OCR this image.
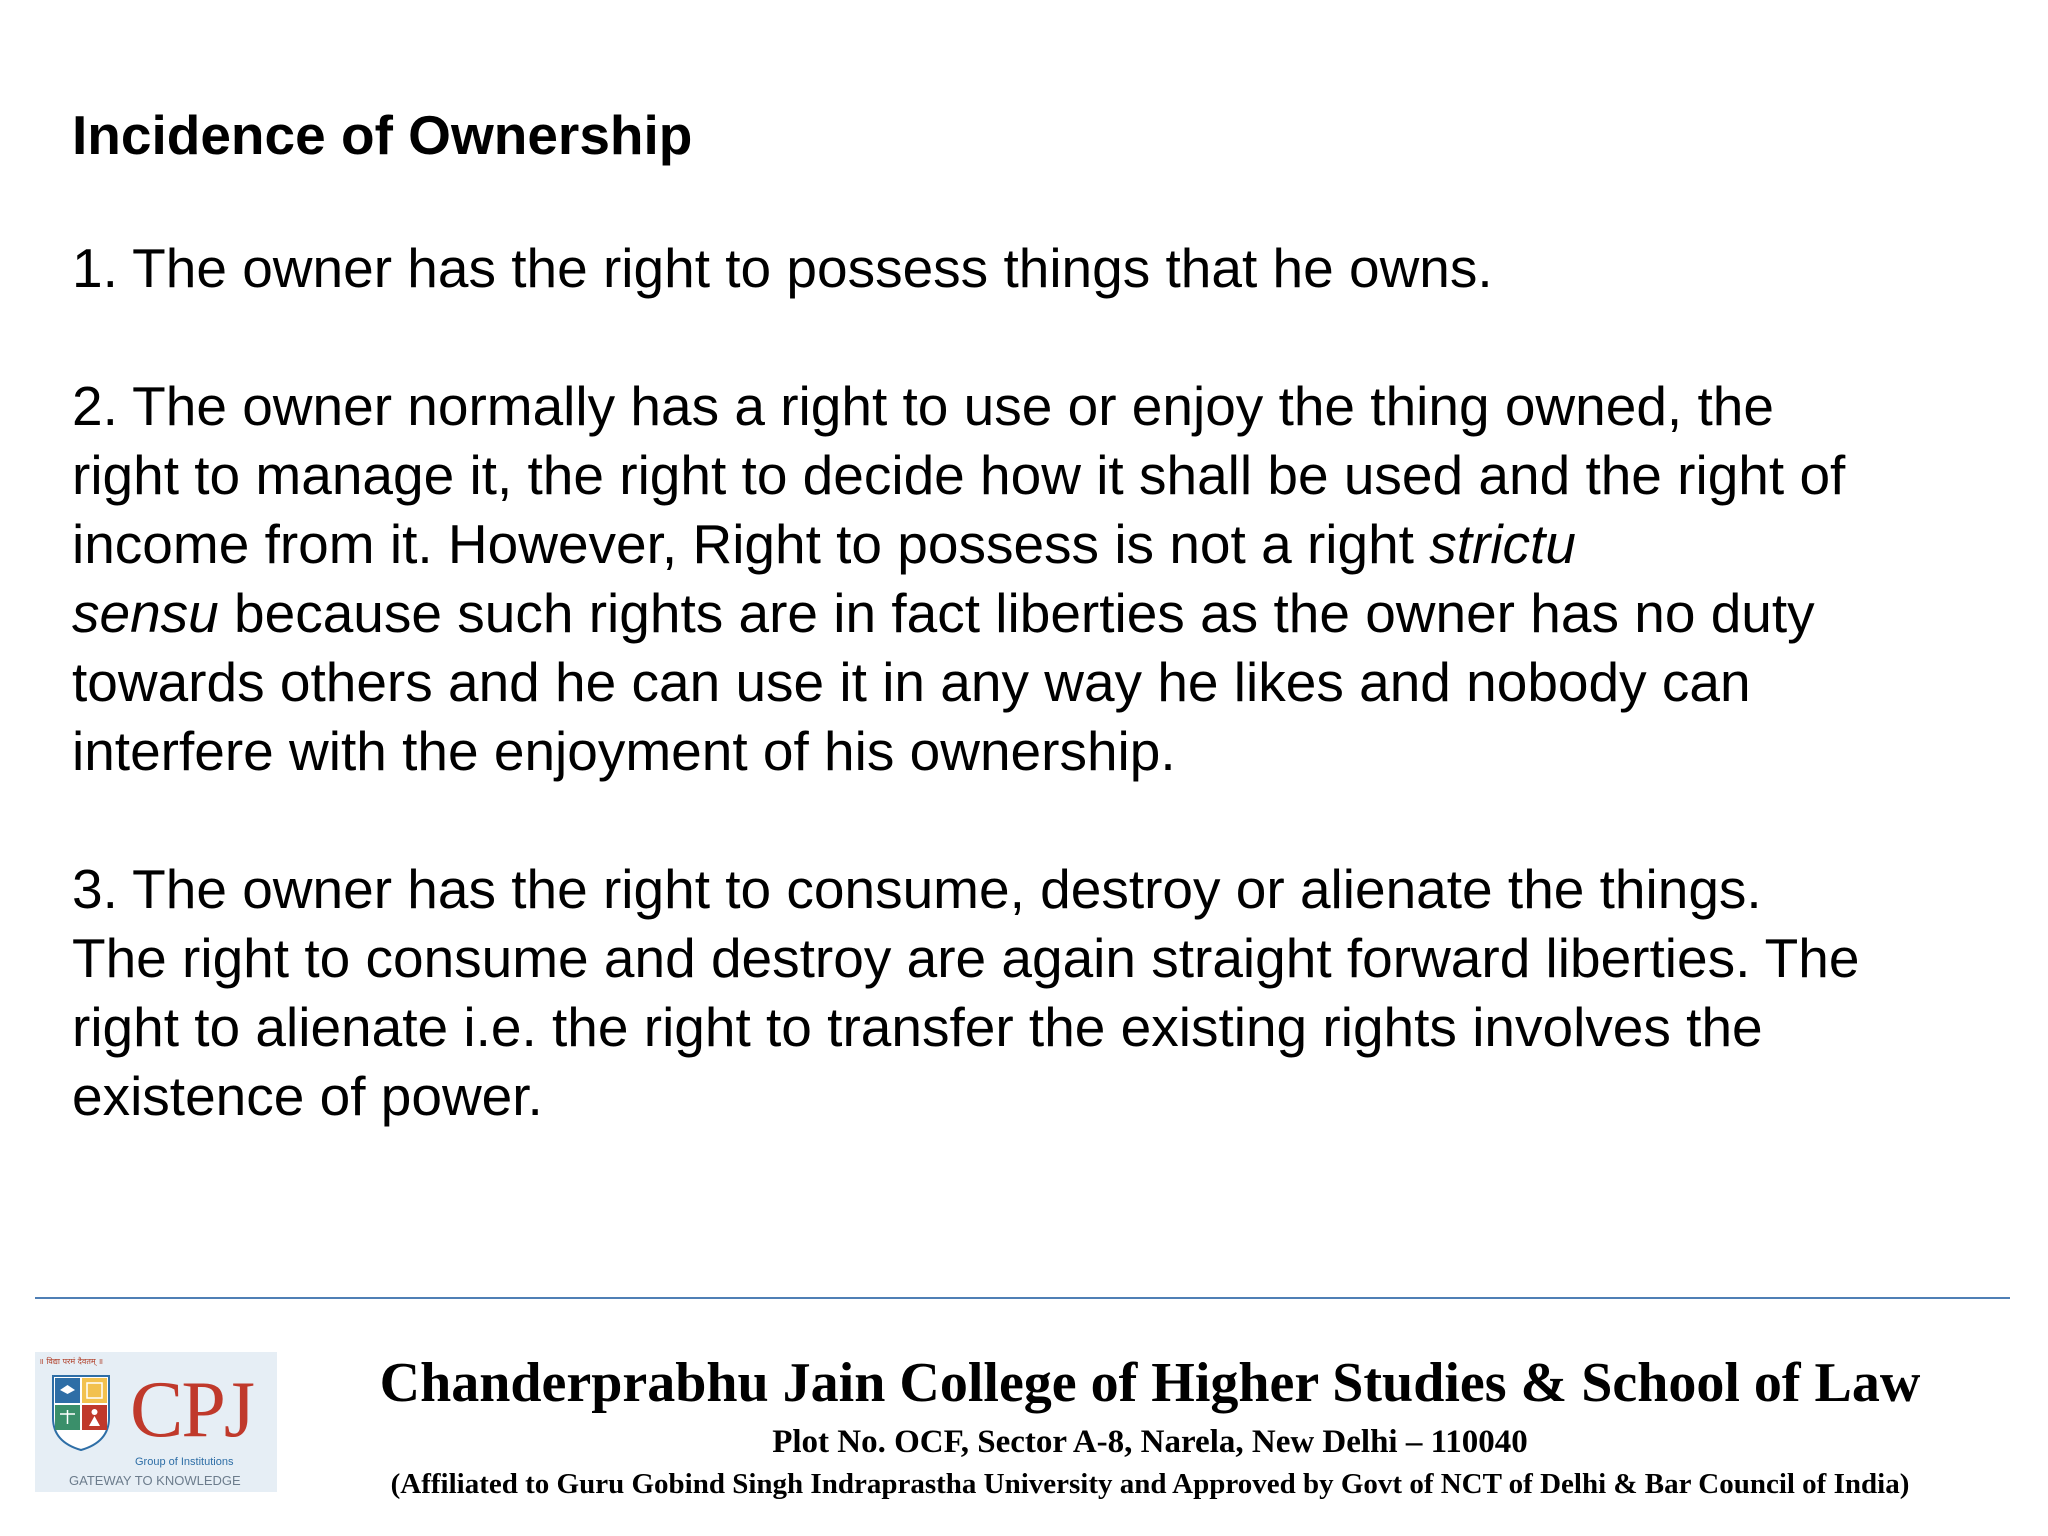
Incidence of Ownership

1. The owner has the right to possess things that he owns.

2. The owner normally has a right to use or enjoy the thing owned, the

right to manage it, the right to decide how it shall be used and the right of

income from it. However, Right to possess is not a right strictu

sensu because such rights are in fact liberties as the owner has no duty

towards others and he can use it in any way he likes and nobody can

interfere with the enjoyment of his ownership.

3. The owner has the right to consume, destroy or alienate the things.

The right to consume and destroy are again straight forward liberties. The

right to alienate i.e. the right to transfer the existing rights involves the

existence of power.

॥ विद्या परमं दैवतम् ॥
CPJ
Group of Institutions
GATEWAY TO KNOWLEDGE

Chanderprabhu Jain College of Higher Studies & School of Law

Plot No. OCF, Sector A-8, Narela, New Delhi – 110040

(Affiliated to Guru Gobind Singh Indraprastha University and Approved by Govt of NCT of Delhi & Bar Council of India)
